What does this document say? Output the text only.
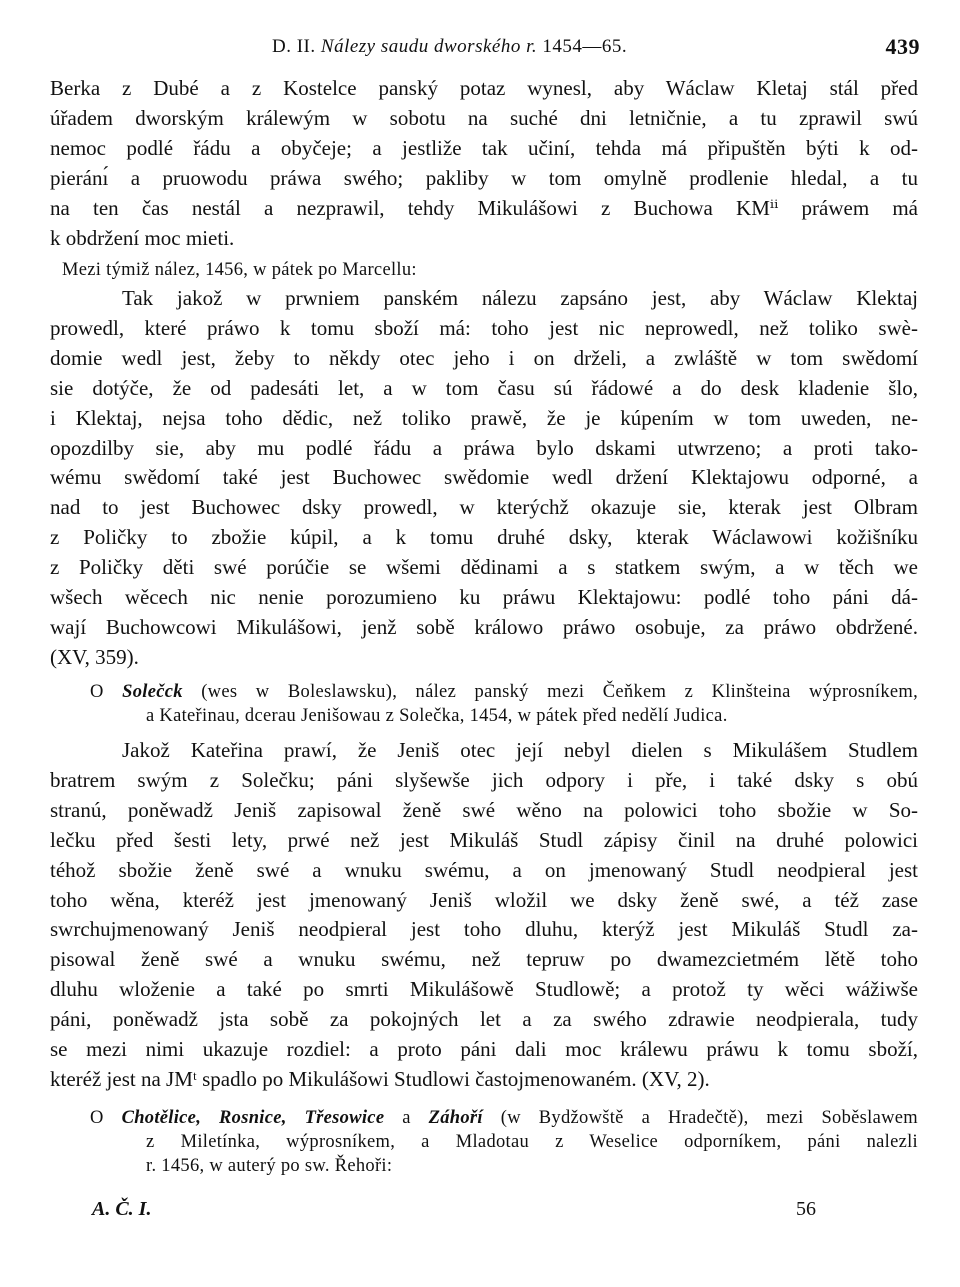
D. II. Nálezy saudu dworského r. 1454—65.	439
Berka z Dubé a z Kostelce panský potaz wynesl, aby Wáclaw Kletaj stál před
úřadem dworským králewým w sobotu na suché dni letničnie, a tu zprawil swú
nemoc podlé řádu a obyčeje; a jestliže tak učiní, tehda má připuštěn býti k od-
pieránı́ a pruowodu práwa swého; pakliby w tom omylně prodlenie hledal, a tu
na ten čas nestál a nezprawil, tehdy Mikulášowi z Buchowa KMⁱⁱ práwem má
k obdržení moc mieti.
Mezi týmiž nález, 1456, w pátek po Marcellu:
Tak jakož w prwniem panském nálezu zapsáno jest, aby Wáclaw Klektaj
prowedl, které práwo k tomu sboží má: toho jest nic neprowedl, než toliko swè-
domie wedl jest, žeby to někdy otec jeho i on drželi, a zwláště w tom swědomí
sie dotýče, že od padesáti let, a w tom času sú řádowé a do desk kladenie šlo,
i Klektaj, nejsa toho dědic, než toliko prawě, že je kúpením w tom uweden, ne-
opozdilby sie, aby mu podlé řádu a práwa bylo dskami utwrzeno; a proti tako-
wému swědomí také jest Buchowec swědomie wedl držení Klektajowu odporné, a
nad to jest Buchowec dsky prowedl, w kterýchž okazuje sie, kterak jest Olbram
z Poličky to zbožie kúpil, a k tomu druhé dsky, kterak Wáclawowi kožišníku
z Poličky děti swé porúčie se wšemi dědinami a s statkem swým, a w těch we
wšech wěcech nic nenie porozumieno ku práwu Klektajowu: podlé toho páni dá-
wají Buchowcowi Mikulášowi, jenž sobě králowo práwo osobuje, za práwo obdržené.
(XV, 359).
O Solečck (wes w Boleslawsku), nález panský mezi Čeňkem z Klinšteina wýprosníkem,
a Kateřinau, dcerau Jenišowau z Solečka, 1454, w pátek před nedělí Judica.
Jakož Kateřina prawí, že Jeniš otec její nebyl dielen s Mikulášem Studlem
bratrem swým z Solečku; páni slyšewše jich odpory i pře, i také dsky s obú
stranú, poněwadž Jeniš zapisowal ženě swé wěno na polowici toho sbožie w So-
lečku před šesti lety, prwé než jest Mikuláš Studl zápisy činil na druhé polowici
téhož sbožie ženě swé a wnuku swému, a on jmenowaný Studl neodpieral jest
toho wěna, kteréž jest jmenowaný Jeniš wložil we dsky ženě swé, a též zase
swrchujmenowaný Jeniš neodpieral jest toho dluhu, kterýž jest Mikuláš Studl za-
pisowal ženě swé a wnuku swému, než tepruw po dwamezcietmém lětě toho
dluhu wloženie a také po smrti Mikulášowě Studlowě; a protož ty wěci wážiwše
páni, poněwadž jsta sobě za pokojných let a za swého zdrawie neodpierala, tudy
se mezi nimi ukazuje rozdiel: a proto páni dali moc králewu práwu k tomu sboží,
kteréž jest na JMᵗ spadlo po Mikulášowi Studlowi častojmenowaném. (XV, 2).
O Chotělice, Rosnice, Třesowice a Záhoří (w Bydžowště a Hradečtě), mezi Soběslawem
z Miletínka, wýprosníkem, a Mladotau z Weselice odporníkem, páni nalezli
r. 1456, w auterý po sw. Řehoři:
A. Č. I.	56
